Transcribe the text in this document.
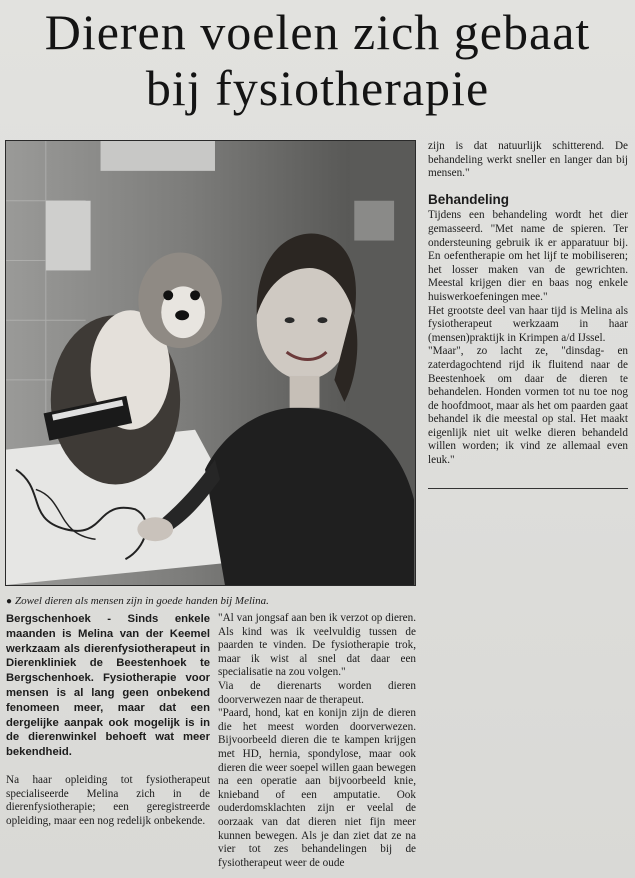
Dieren voelen zich gebaat
bij fysiotherapie
● Zowel dieren als mensen zijn in goede handen bij Melina.

zijn is dat natuurlijk schitterend. De behandeling werkt sneller en langer dan bij mensen."

Behandeling

Tijdens een behandeling wordt het dier gemasseerd. "Met name de spieren. Ter ondersteuning gebruik ik er apparatuur bij. En oefentherapie om het lijf te mobiliseren; het losser maken van de gewrichten. Meestal krijgen dier en baas nog enkele huiswerkoefeningen mee."

Het grootste deel van haar tijd is Melina als fysiotherapeut werkzaam in haar (mensen)praktijk in Krimpen a/d IJssel.

"Maar", zo lacht ze, "dinsdag- en zaterdagochtend rijd ik fluitend naar de Beestenhoek om daar de dieren te behandelen. Honden vormen tot nu toe nog de hoofdmoot, maar als het om paarden gaat behandel ik die meestal op stal. Het maakt eigenlijk niet uit welke dieren behandeld willen worden; ik vind ze allemaal even leuk."

Bergschenhoek - Sinds enkele maanden is Melina van der Keemel werkzaam als dierenfysiotherapeut in Dierenkliniek de Beestenhoek te Bergschenhoek. Fysiotherapie voor mensen is al lang geen onbekend fenomeen meer, maar dat een dergelijke aanpak ook mogelijk is in de dierenwinkel behoeft wat meer bekendheid.

Na haar opleiding tot fysiotherapeut specialiseerde Melina zich in de dierenfysiotherapie; een geregistreerde opleiding, maar een nog redelijk onbekende.

"Al van jongsaf aan ben ik verzot op dieren. Als kind was ik veelvuldig tussen de paarden te vinden. De fysiotherapie trok, maar ik wist al snel dat daar een specialisatie na zou volgen."

Via de dierenarts worden dieren doorverwezen naar de therapeut.

"Paard, hond, kat en konijn zijn de dieren die het meest worden doorverwezen. Bijvoorbeeld dieren die te kampen krijgen met HD, hernia, spondylose, maar ook dieren die weer soepel willen gaan bewegen na een operatie aan bijvoorbeeld knie, knieband of een amputatie. Ook ouderdomsklachten zijn er veelal de oorzaak van dat dieren niet fijn meer kunnen bewegen. Als je dan ziet dat ze na vier tot zes behandelingen bij de fysiotherapeut weer de oude
